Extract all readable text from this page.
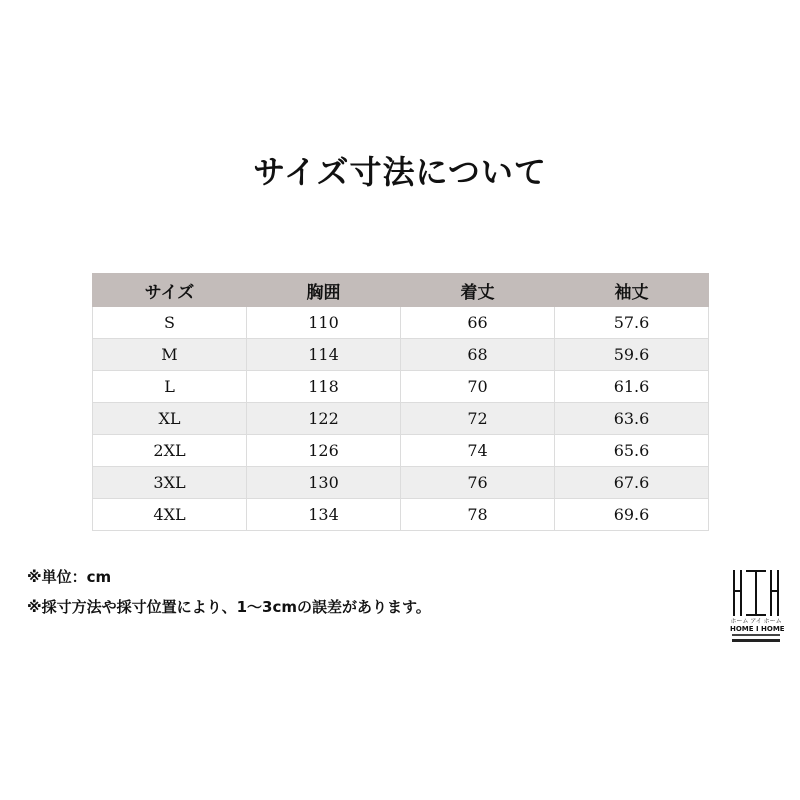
サイズ寸法について
サイズ	胸囲	着丈	袖丈
S	110	66	57.6
M	114	68	59.6
L	118	70	61.6
XL	122	72	63.6
2XL	126	74	65.6
3XL	130	76	67.6
4XL	134	78	69.6
※単位：cm
※採寸方法や採寸位置により、1～3cmの誤差があります。
ホーム アイ ホーム
HOME I HOME
